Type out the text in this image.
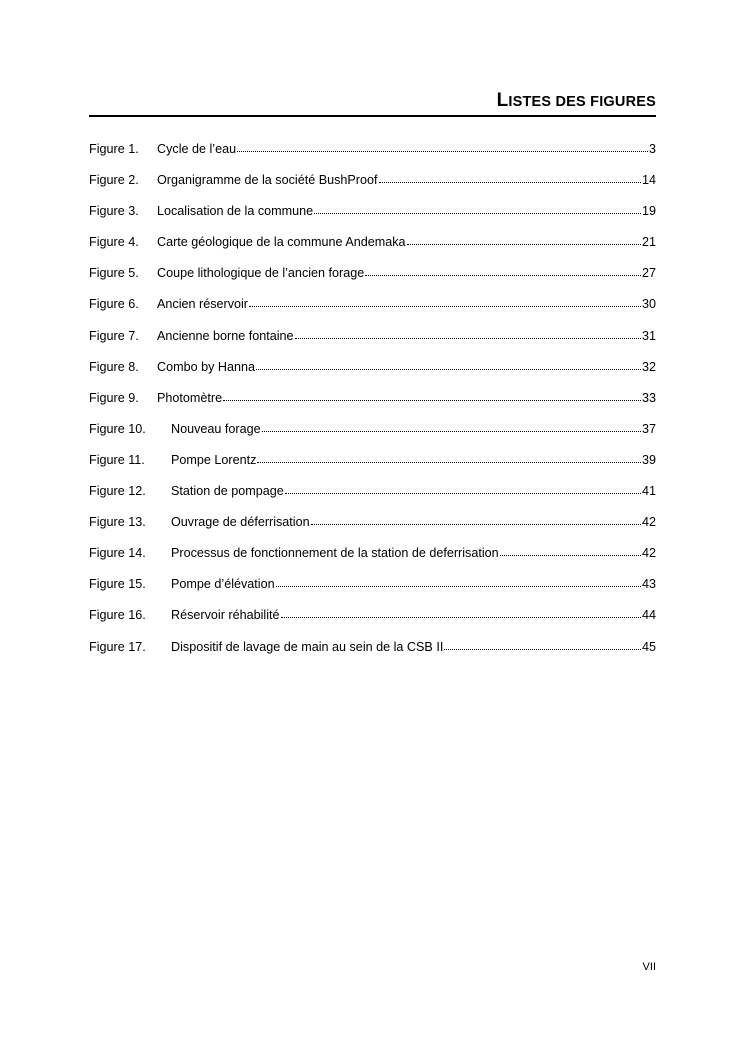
LISTES DES FIGURES
Figure 1.	Cycle de l’eau	3
Figure 2.	Organigramme de la société BushProof	14
Figure 3.	Localisation de la commune	19
Figure 4.	Carte géologique de la commune Andemaka	21
Figure 5.	Coupe lithologique de l’ancien forage	27
Figure 6.	Ancien réservoir	30
Figure 7.	Ancienne borne fontaine	31
Figure 8.	Combo by Hanna	32
Figure 9.	Photomètre	33
Figure 10.	Nouveau forage	37
Figure 11.	Pompe Lorentz	39
Figure 12.	Station de pompage	41
Figure 13.	Ouvrage de déferrisation	42
Figure 14.	Processus de fonctionnement de la station de deferrisation	42
Figure 15.	Pompe d’élévation	43
Figure 16.	Réservoir réhabilité	44
Figure 17.	Dispositif de lavage de main au sein de la CSB II	45
VII
